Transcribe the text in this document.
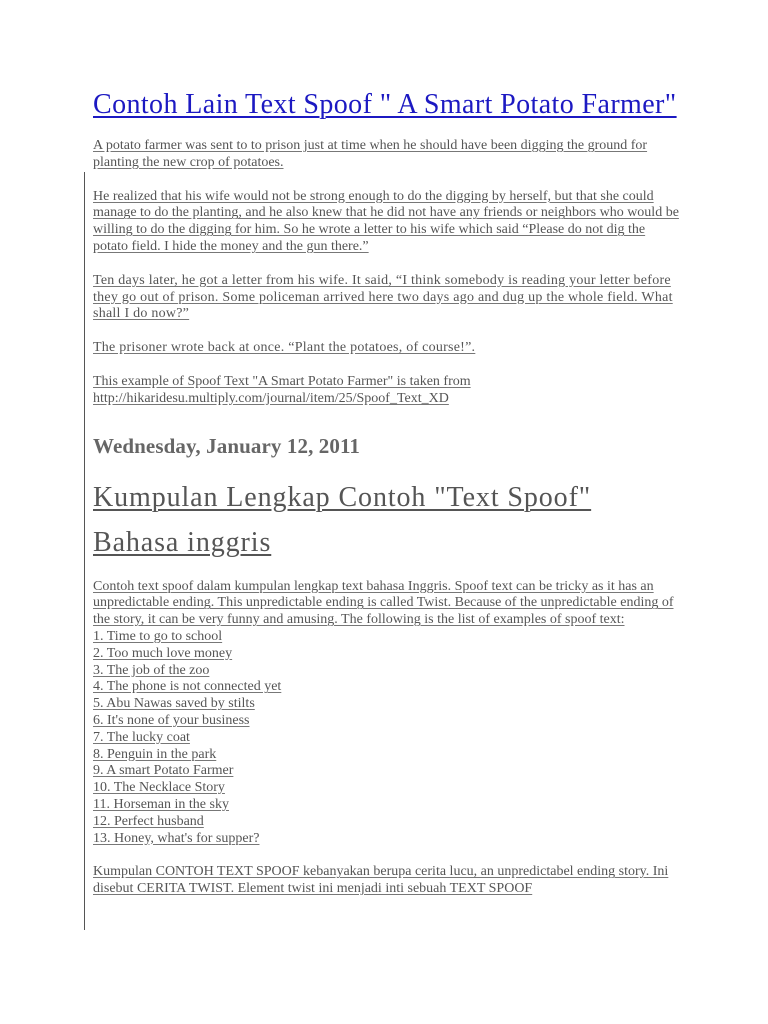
Contoh Lain Text Spoof " A Smart Potato Farmer"

A potato farmer was sent to to prison just at time when he should have been digging the ground for planting the new crop of potatoes.

He realized that his wife would not be strong enough to do the digging by herself, but that she could manage to do the planting, and he also knew that he did not have any friends or neighbors who would be willing to do the digging for him. So he wrote a letter to his wife which said “Please do not dig the potato field. I hide the money and the gun there.”

Ten days later, he got a letter from his wife. It said, “I think somebody is reading your letter before they go out of prison. Some policeman arrived here two days ago and dug up the whole field. What shall I do now?”

The prisoner wrote back at once. “Plant the potatoes, of course!”.

This example of Spoof Text "A Smart Potato Farmer" is taken from http://hikaridesu.multiply.com/journal/item/25/Spoof_Text_XD

Wednesday, January 12, 2011
Kumpulan Lengkap Contoh "Text Spoof" Bahasa inggris

Contoh text spoof dalam kumpulan lengkap text bahasa Inggris. Spoof text can be tricky as it has an unpredictable ending. This unpredictable ending is called Twist. Because of the unpredictable ending of the story, it can be very funny and amusing. The following is the list of examples of spoof text:

1. Time to go to school
2. Too much love money
3. The job of the zoo
4. The phone is not connected yet
5. Abu Nawas saved by stilts
6. It's none of your business
7. The lucky coat
8. Penguin in the park
9. A smart Potato Farmer
10. The Necklace Story
11. Horseman in the sky
12. Perfect husband
13. Honey, what's for supper?

Kumpulan CONTOH TEXT SPOOF kebanyakan berupa cerita lucu, an unpredictabel ending story. Ini disebut CERITA TWIST. Element twist ini menjadi inti sebuah TEXT SPOOF
